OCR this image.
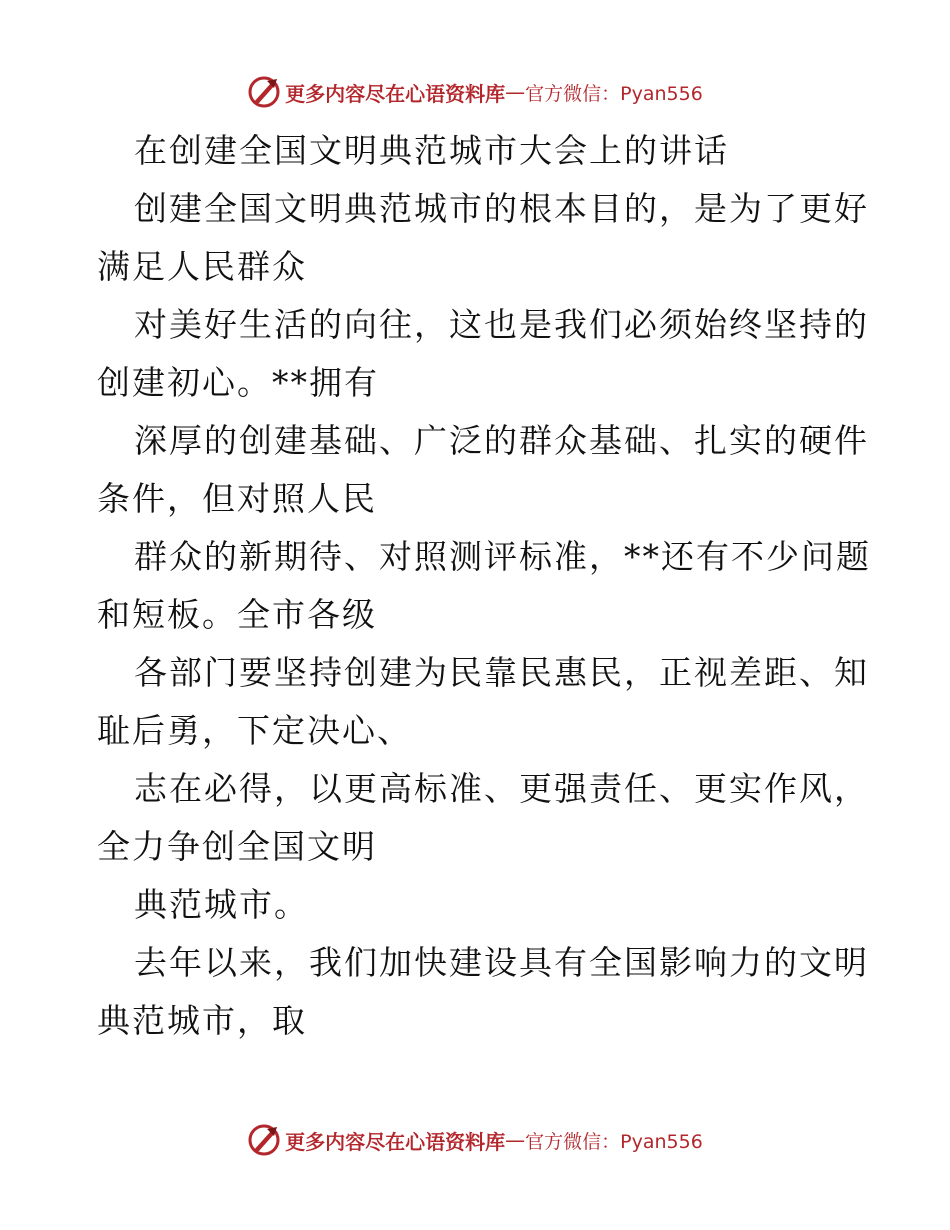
更多内容尽在心语资料库 — 官方微信：Pyan556
在创建全国文明典范城市大会上的讲话
创建全国文明典范城市的根本目的，是为了更好
满足人民群众
对美好生活的向往，这也是我们必须始终坚持的
创建初心。**拥有
深厚的创建基础、广泛的群众基础、扎实的硬件
条件，但对照人民
群众的新期待、对照测评标准，**还有不少问题
和短板。全市各级
各部门要坚持创建为民靠民惠民，正视差距、知
耻后勇，下定决心、
志在必得，以更高标准、更强责任、更实作风，
全力争创全国文明
典范城市。
去年以来，我们加快建设具有全国影响力的文明
典范城市，取
更多内容尽在心语资料库 — 官方微信：Pyan556
